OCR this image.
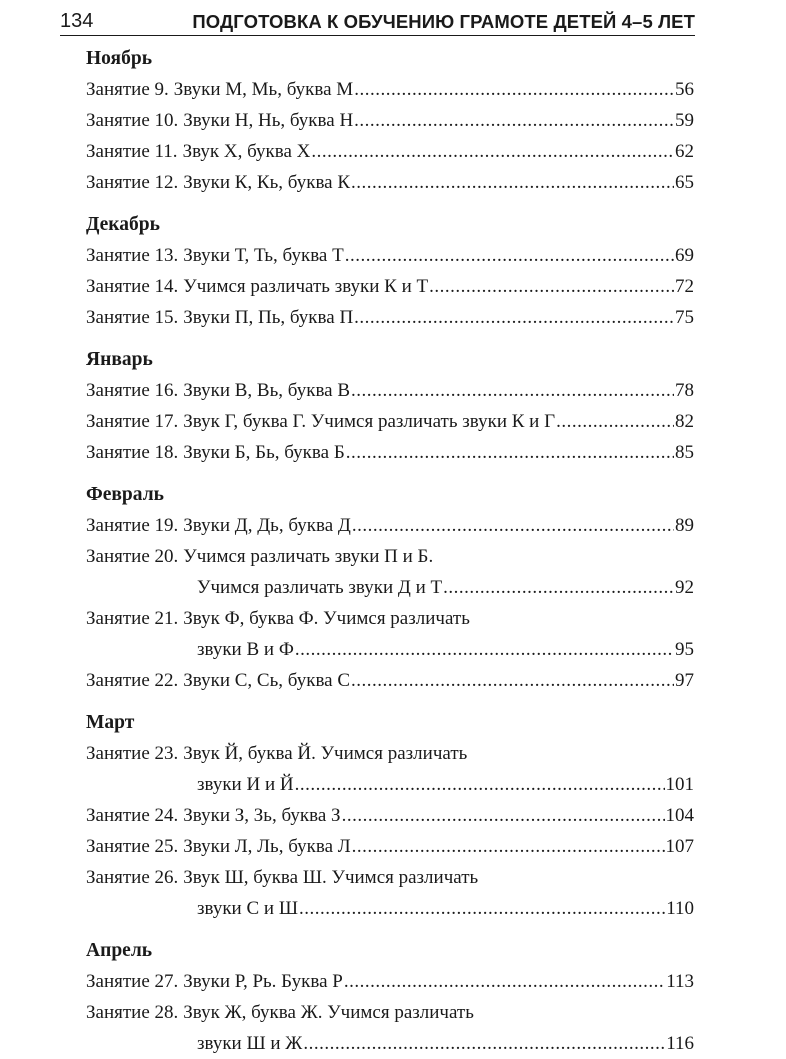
134	ПОДГОТОВКА К ОБУЧЕНИЮ ГРАМОТЕ ДЕТЕЙ 4–5 ЛЕТ
Ноябрь
Занятие 9. Звуки М, Мь, буква М .....	56
Занятие 10. Звуки Н, Нь, буква Н .....	59
Занятие 11. Звук Х, буква Х .....	62
Занятие 12. Звуки К, Кь, буква К .....	65
Декабрь
Занятие 13. Звуки Т, Ть, буква Т .....	69
Занятие 14. Учимся различать звуки К и Т .....	72
Занятие 15. Звуки П, Пь, буква П .....	75
Январь
Занятие 16. Звуки В, Вь, буква В .....	78
Занятие 17. Звук Г, буква Г. Учимся различать звуки К и Г .....	82
Занятие 18. Звуки Б, Бь, буква Б .....	85
Февраль
Занятие 19. Звуки Д, Дь, буква Д .....	89
Занятие 20. Учимся различать звуки П и Б.
Учимся различать звуки Д и Т .....	92
Занятие 21. Звук Ф, буква Ф. Учимся различать
звуки В и Ф .....	95
Занятие 22. Звуки С, Сь, буква С .....	97
Март
Занятие 23. Звук Й, буква Й. Учимся различать
звуки И и Й .....	101
Занятие 24. Звуки З, Зь, буква З .....	104
Занятие 25. Звуки Л, Ль, буква Л .....	107
Занятие 26. Звук Ш, буква Ш. Учимся различать
звуки С и Ш .....	110
Апрель
Занятие 27. Звуки Р, Рь. Буква Р .....	113
Занятие 28. Звук Ж, буква Ж. Учимся различать
звуки Ш и Ж .....	116
